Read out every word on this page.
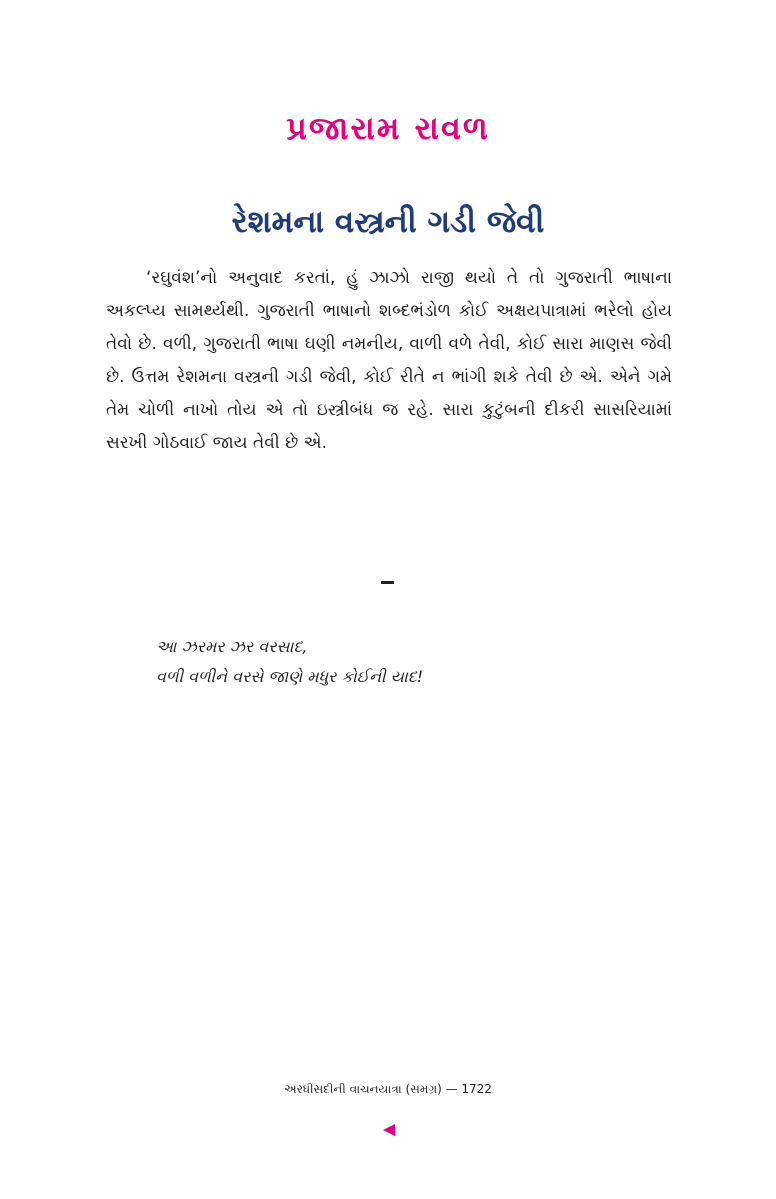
પ્રજારામ રાવળ
રેશમના વસ્ત્રની ગડી જેવી

‘રઘુવંશ’નો અનુવાદ કરતાં, હું ઝાઝો રાજી થયો તે તો ગુજરાતી ભાષાના અકલ્પ્ય સામર્થ્યથી. ગુજરાતી ભાષાનો શબ્દભંડોળ કોઈ અક્ષયપાત્રામાં ભરેલો હોય તેવો છે. વળી, ગુજરાતી ભાષા ઘણી નમનીય, વાળી વળે તેવી, કોઈ સારા માણસ જેવી છે. ઉત્તમ રેશમના વસ્ત્રની ગડી જેવી, કોઈ રીતે ન ભાંગી શકે તેવી છે એ. એને ગમે તેમ ચોળી નાખો તોય એ તો ઇસ્ત્રીબંધ જ રહે. સારા કુટુંબની દીકરી સાસરિયામાં સરખી ગોઠવાઈ જાય તેવી છે એ.

આ ઝરમર ઝર વરસાદ,
વળી વળીને વરસે જાણે મધુર કોઈની યાદ!
અરધીસદીની વાચનયાત્રા (સમગ્ર) — 1722
